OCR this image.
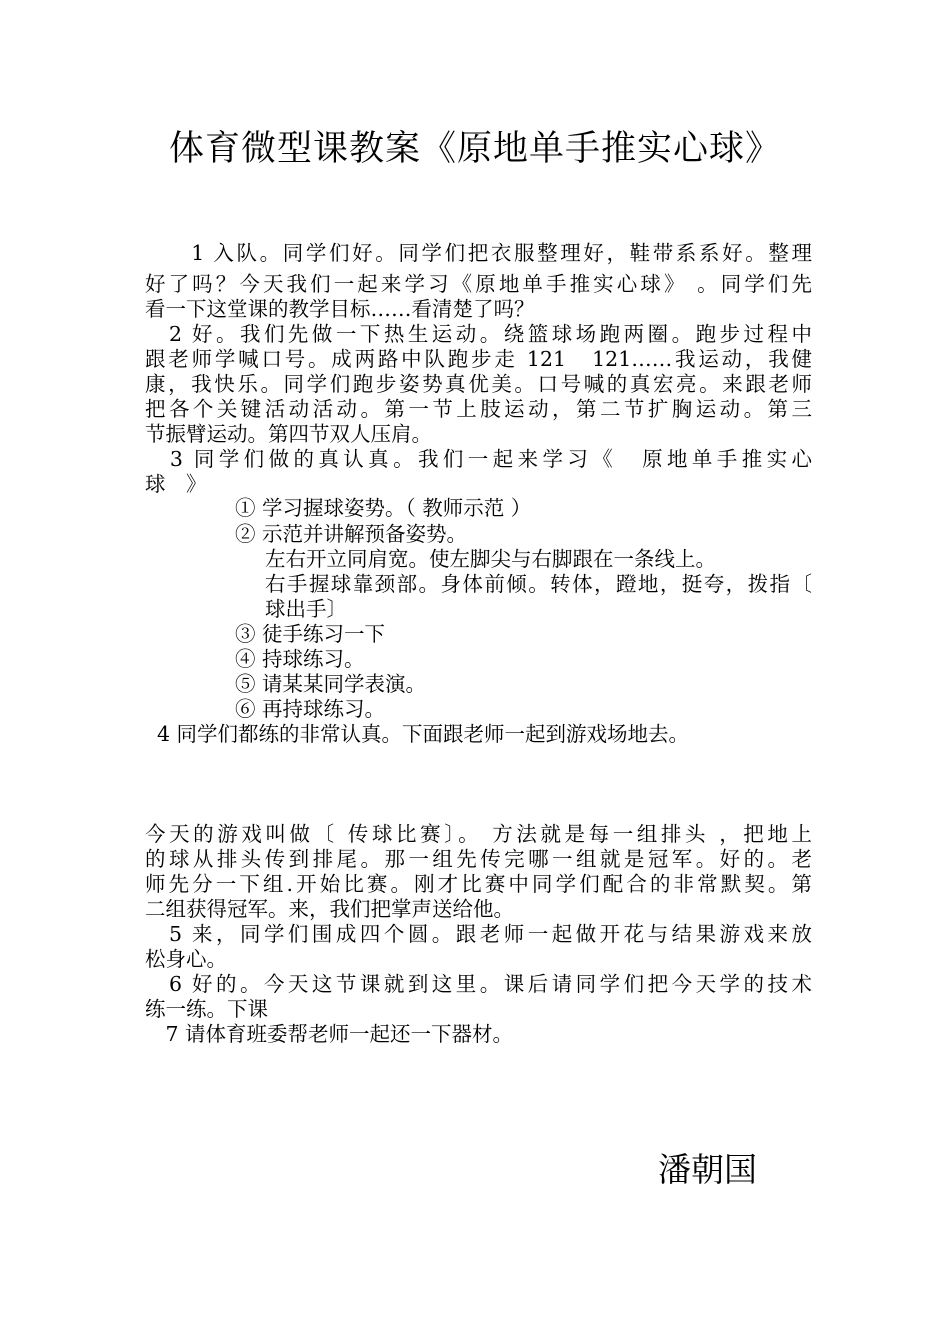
体育微型课教案《原地单手推实心球》
　　1 入队。同学们好。同学们把衣服整理好，鞋带系系好。整理
好了吗？今天我们一起来学习《原地单手推实心球》 。同学们先
看一下这堂课的教学目标……看清楚了吗？
　2 好。我们先做一下热生运动。绕篮球场跑两圈。跑步过程中
跟老师学喊口号。成两路中队跑步走 121　121……我运动，我健
康，我快乐。同学们跑步姿势真优美。口号喊的真宏亮。来跟老师
把各个关键活动活动。第一节上肢运动，第二节扩胸运动。第三
节振臂运动。第四节双人压肩。
　3 同学们做的真认真。我们一起来学习《　原地单手推实心
球　》
① 学习握球姿势。（ 教师示范 ）
② 示范并讲解预备姿势。
左右开立同肩宽。使左脚尖与右脚跟在一条线上。
右手握球靠颈部。身体前倾。转体，蹬地，挺夸，拨指〔
球出手〕
③ 徒手练习一下
④ 持球练习。
⑤ 请某某同学表演。
⑥ 再持球练习。
4 同学们都练的非常认真。下面跟老师一起到游戏场地去。
今天的游戏叫做〔 传球比赛〕。 方法就是每一组排头 ，把地上
的球从排头传到排尾。那一组先传完哪一组就是冠军。好的。老
师先分一下组.开始比赛。刚才比赛中同学们配合的非常默契。第
二组获得冠军。来，我们把掌声送给他。
　5 来，同学们围成四个圆。跟老师一起做开花与结果游戏来放
松身心。
　6 好的。今天这节课就到这里。课后请同学们把今天学的技术
练一练。下课
　7 请体育班委帮老师一起还一下器材。
潘朝国
